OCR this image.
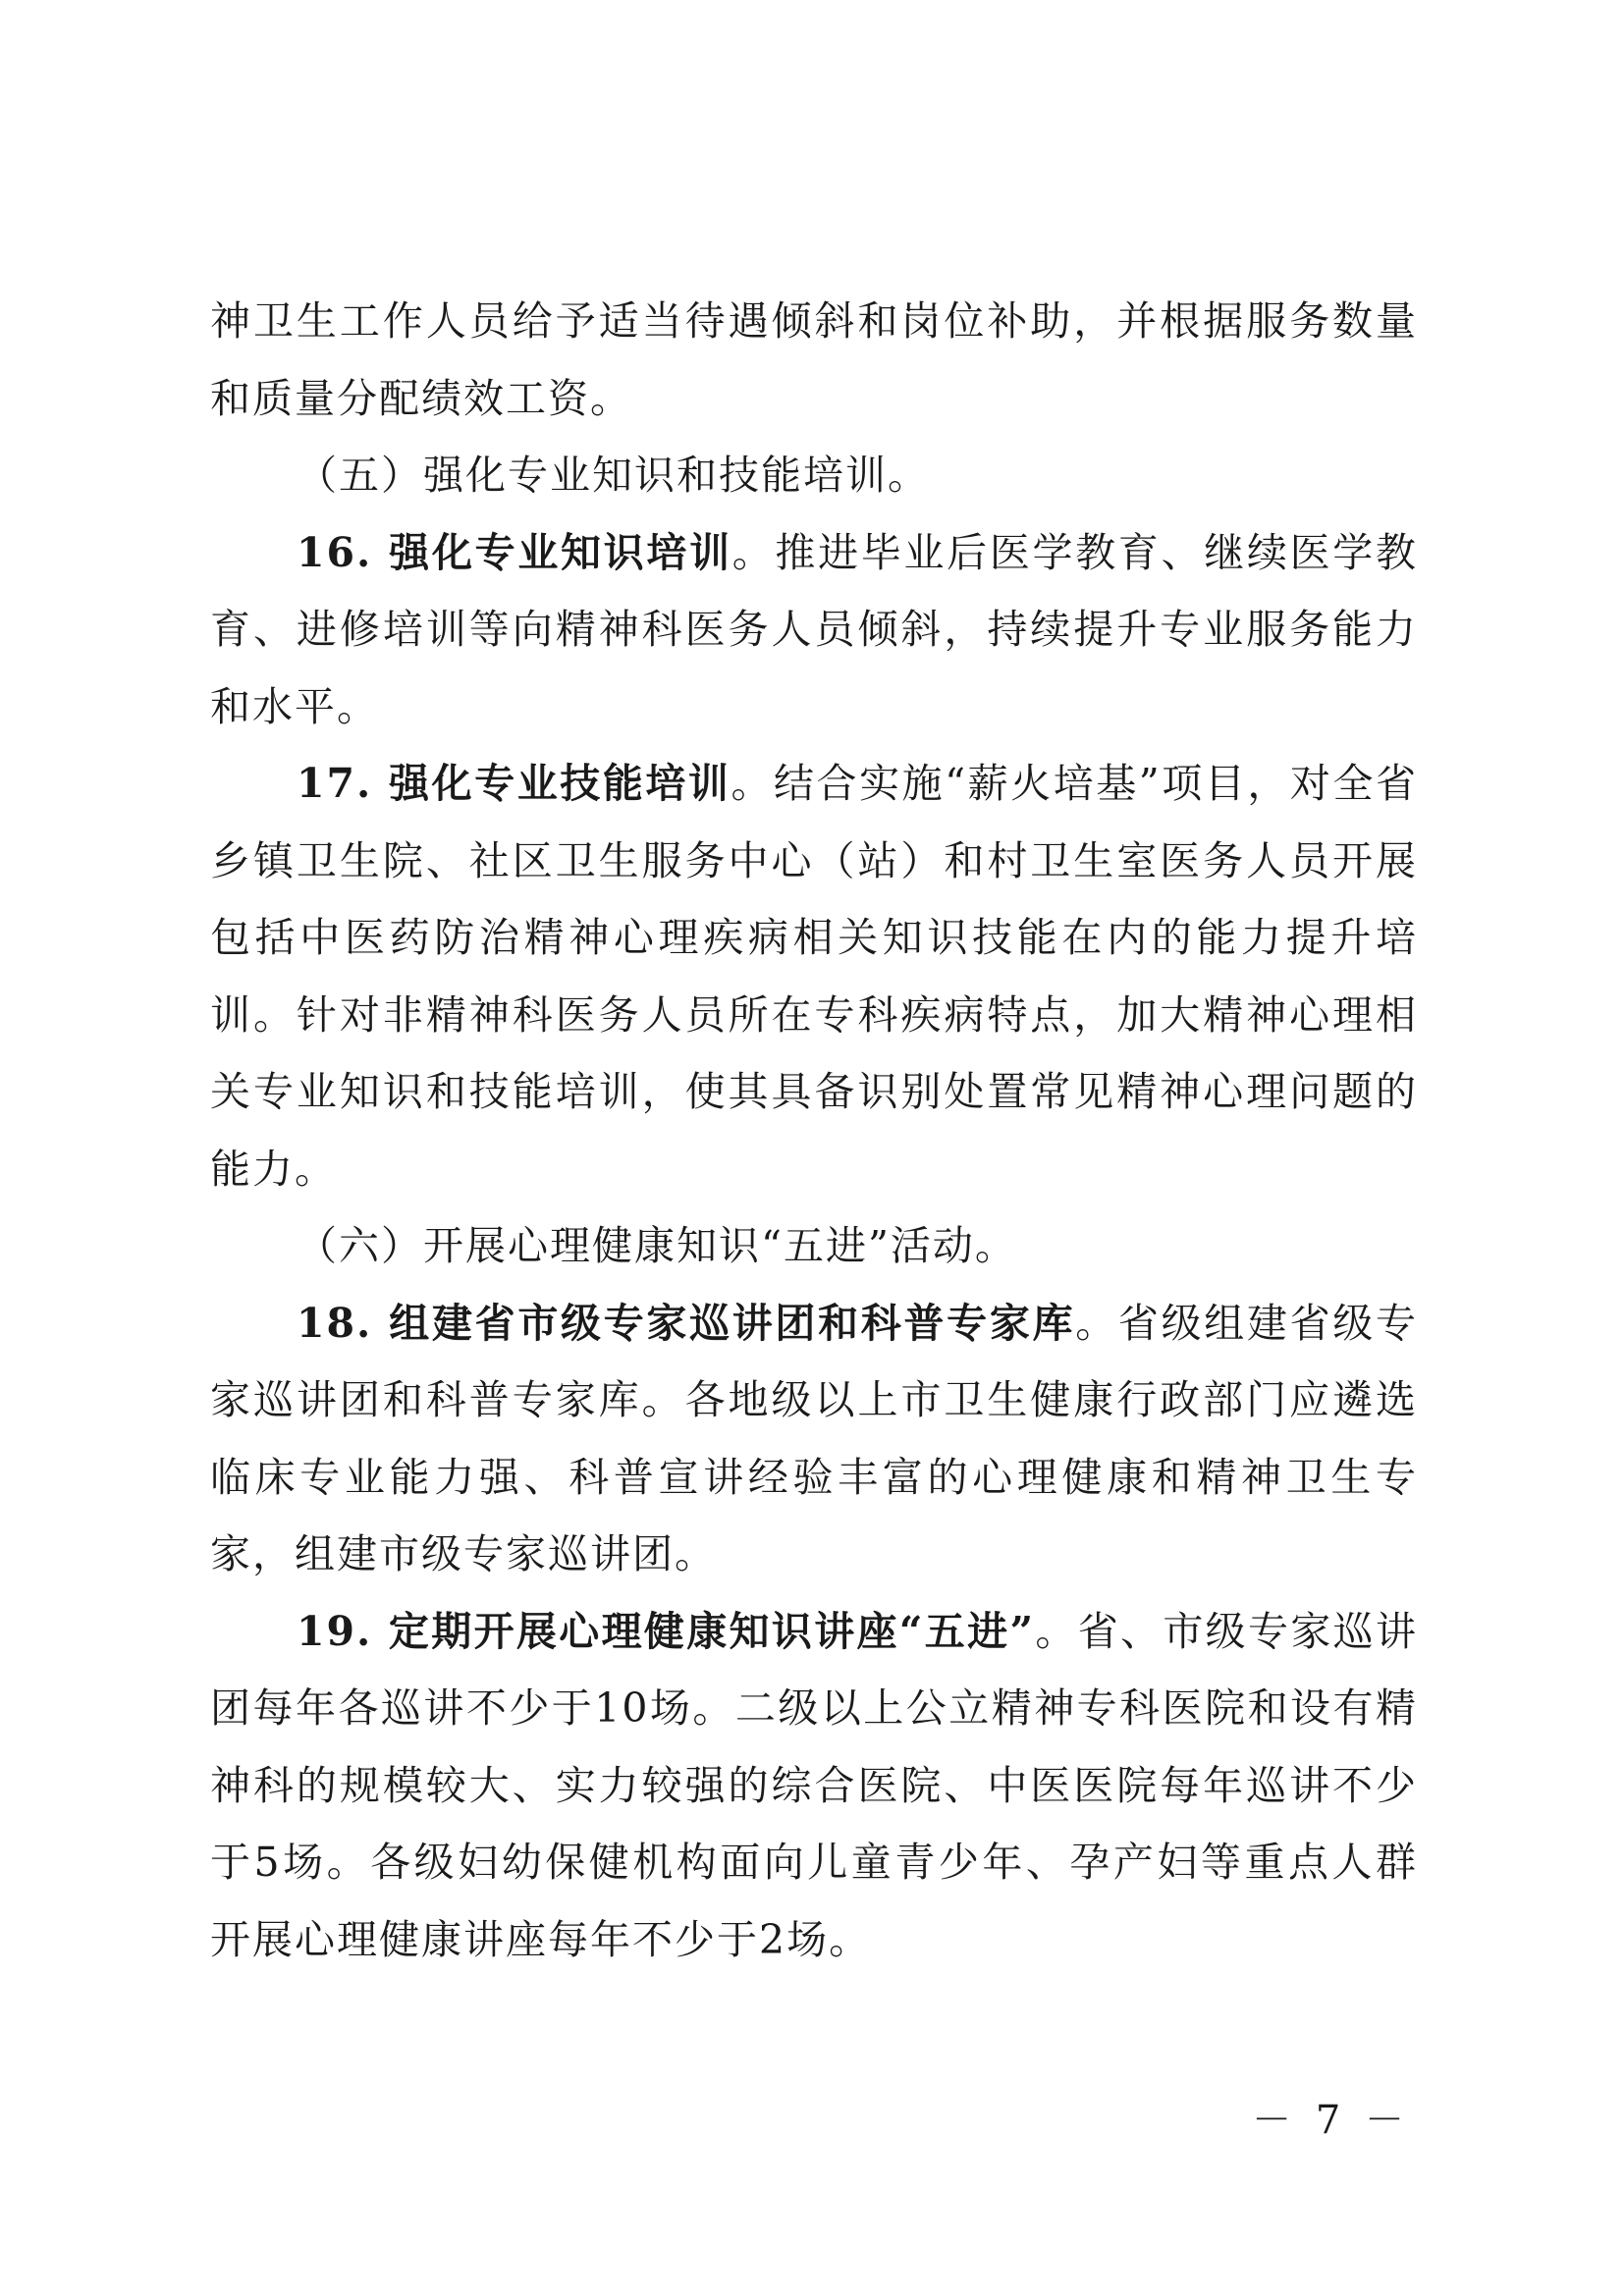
神卫生工作人员给予适当待遇倾斜和岗位补助，并根据服务数量和质量分配绩效工资。

（五）强化专业知识和技能培训。

16. 强化专业知识培训。推进毕业后医学教育、继续医学教育、进修培训等向精神科医务人员倾斜，持续提升专业服务能力和水平。

17. 强化专业技能培训。结合实施“薪火培基”项目，对全省乡镇卫生院、社区卫生服务中心（站）和村卫生室医务人员开展包括中医药防治精神心理疾病相关知识技能在内的能力提升培训。针对非精神科医务人员所在专科疾病特点，加大精神心理相关专业知识和技能培训，使其具备识别处置常见精神心理问题的能力。

（六）开展心理健康知识“五进”活动。

18. 组建省市级专家巡讲团和科普专家库。省级组建省级专家巡讲团和科普专家库。各地级以上市卫生健康行政部门应遴选临床专业能力强、科普宣讲经验丰富的心理健康和精神卫生专家，组建市级专家巡讲团。

19. 定期开展心理健康知识讲座“五进”。省、市级专家巡讲团每年各巡讲不少于10场。二级以上公立精神专科医院和设有精神科的规模较大、实力较强的综合医院、中医医院每年巡讲不少于5场。各级妇幼保健机构面向儿童青少年、孕产妇等重点人群开展心理健康讲座每年不少于2场。

－ 7 －
